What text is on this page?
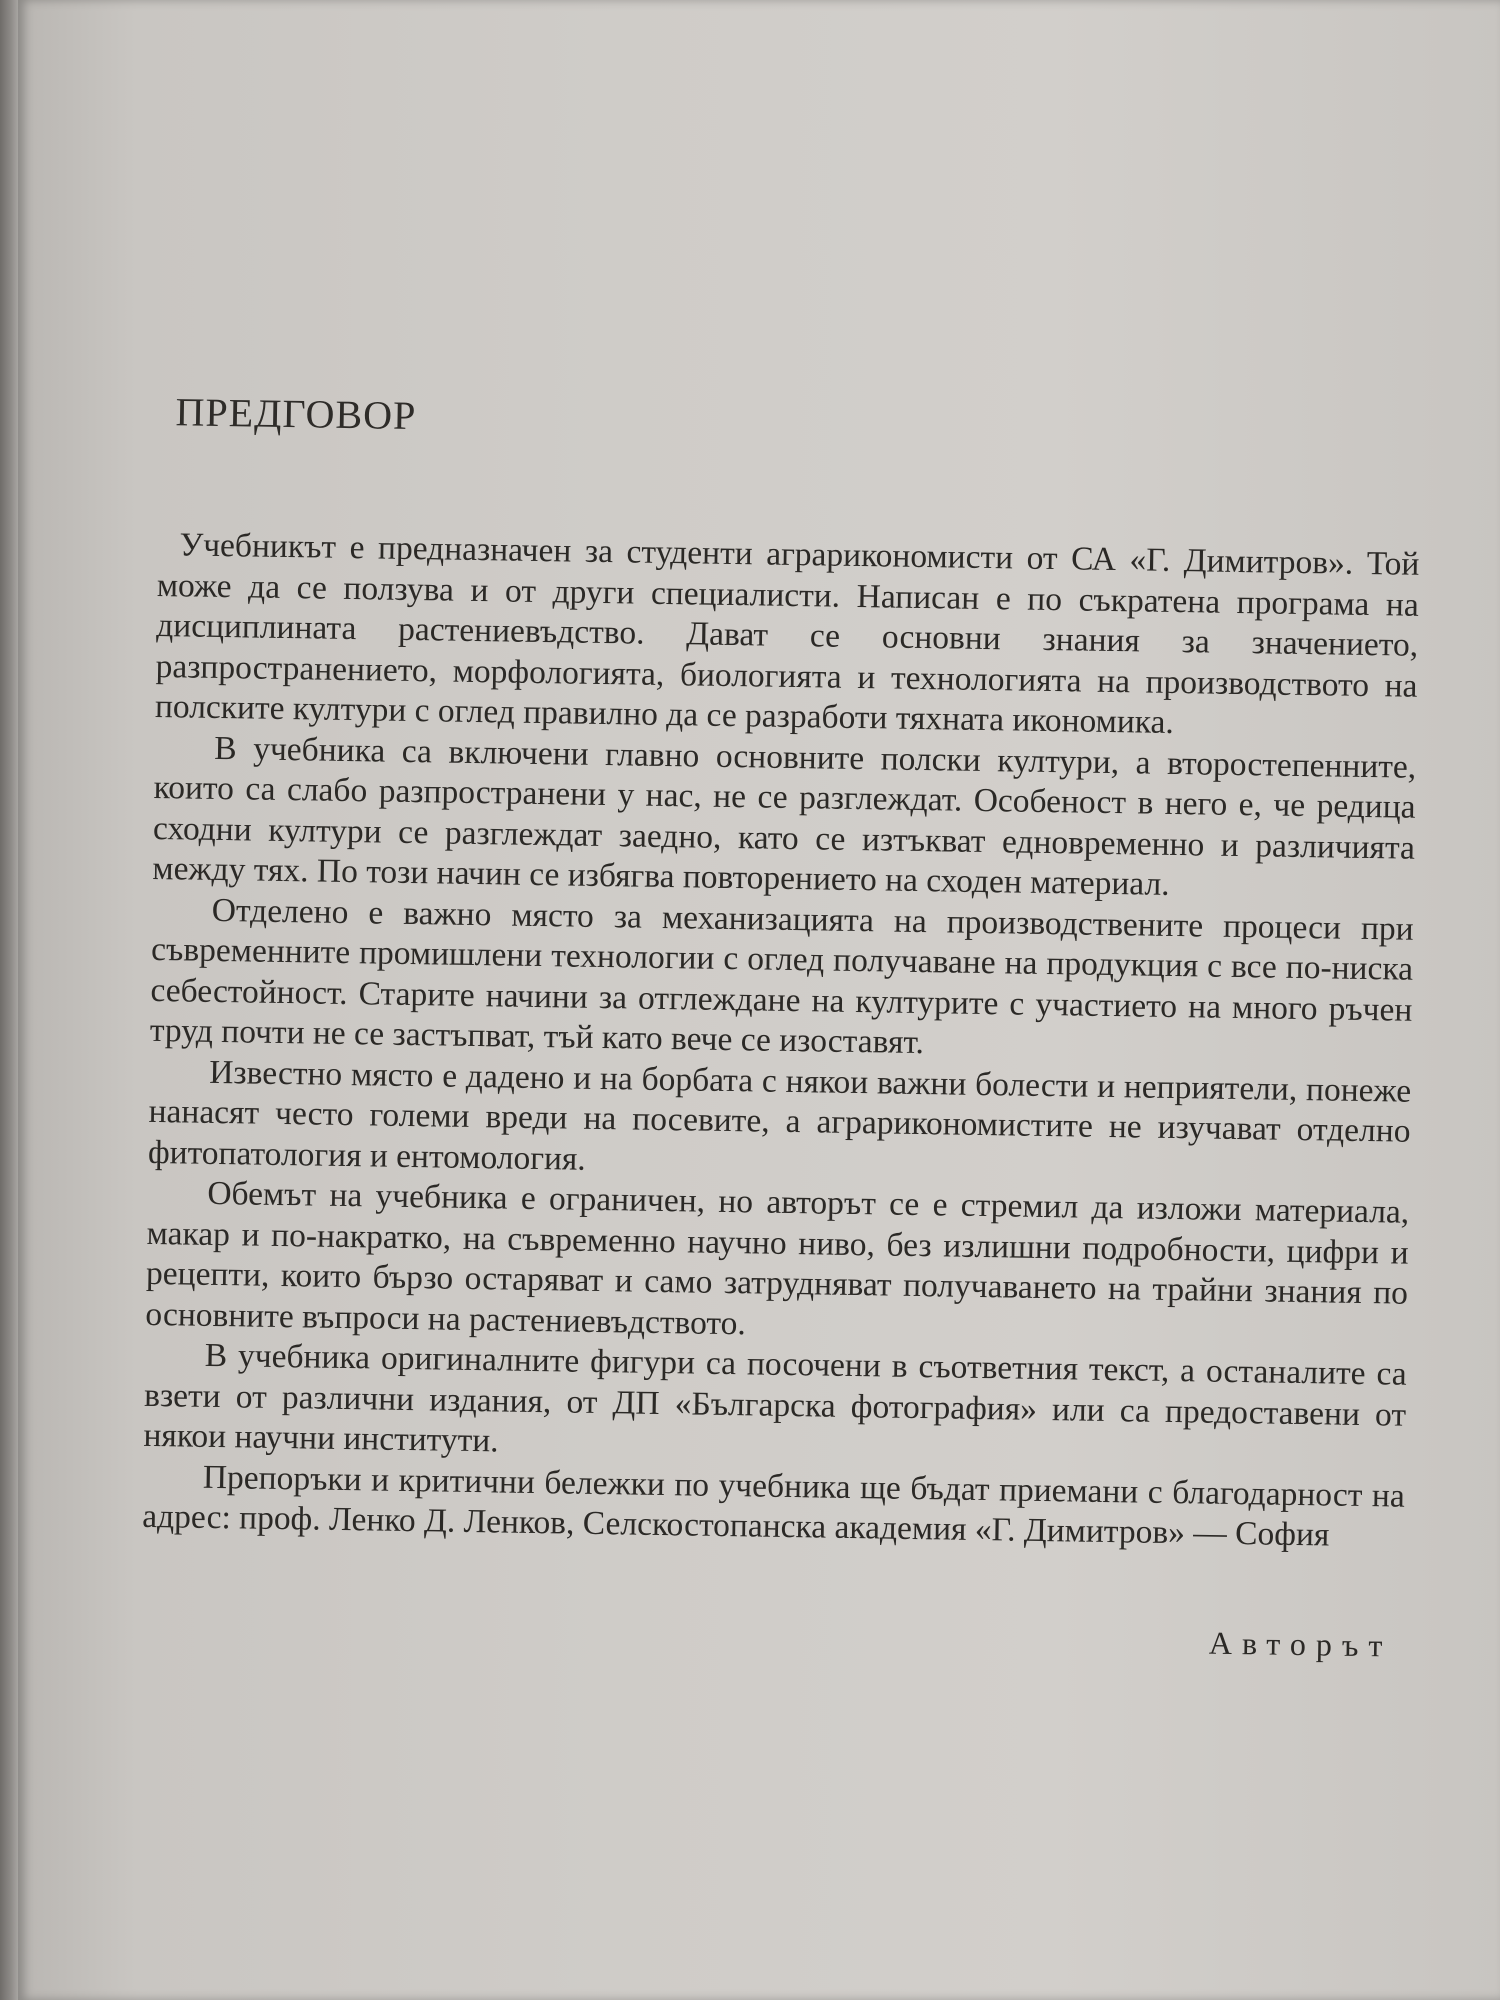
ПРЕДГОВОР

Учебникът е предназначен за студенти аграрикономисти от СА «Г. Димитров». Той може да се ползува и от други специалисти. Написан е по съкратена програма на дисциплината растениевъдство. Дават се основни знания за значението, разпространението, морфологията, биологията и технологията на производството на полските култури с оглед правилно да се разработи тяхната икономика.

В учебника са включени главно основните полски култури, а второстепенните, които са слабо разпространени у нас, не се разглеждат. Особеност в него е, че редица сходни култури се разглеждат заедно, като се изтъкват едновременно и различията между тях. По този начин се избягва повторението на сходен материал.

Отделено е важно място за механизацията на производствените процеси при съвременните промишлени технологии с оглед получаване на продукция с все по-ниска себестойност. Старите начини за отглеждане на културите с участието на много ръчен труд почти не се застъпват, тъй като вече се изоставят.

Известно място е дадено и на борбата с някои важни болести и неприятели, понеже нанасят често големи вреди на посевите, а аграрикономистите не изучават отделно фитопатология и ентомология.

Обемът на учебника е ограничен, но авторът се е стремил да изложи материала, макар и по-накратко, на съвременно научно ниво, без излишни подробности, цифри и рецепти, които бързо остаряват и само затрудняват получаването на трайни знания по основните въпроси на растениевъдството.

В учебника оригиналните фигури са посочени в съответния текст, а останалите са взети от различни издания, от ДП «Българска фотография» или са предоставени от някои научни институти.

Препоръки и критични бележки по учебника ще бъдат приемани с благодарност на адрес: проф. Ленко Д. Ленков, Селскостопанска академия «Г. Димитров» — София

Авторът
